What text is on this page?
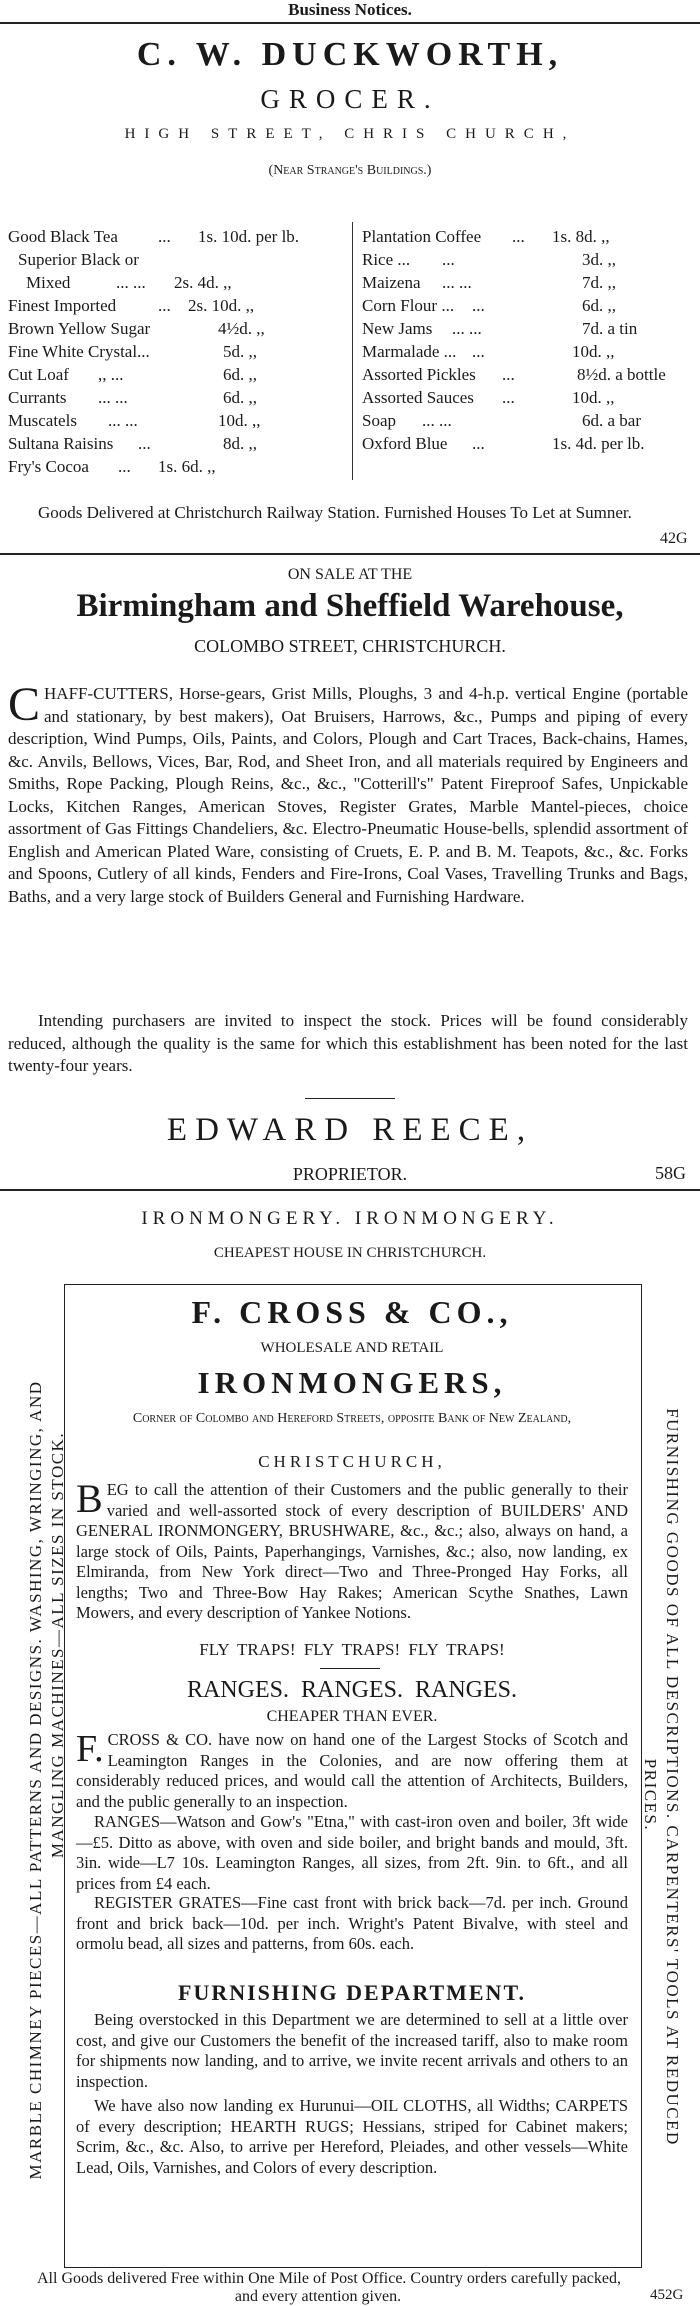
Business Notices.
C. W. DUCKWORTH,
GROCER.
HIGH STREET, CHRIS CHURCH,
(Near Strange's Buildings.)
Good Black Tea ... 1s. 10d. per lb.
Superior Black or
Mixed	... ... 2s. 4d. ,,
Finest Imported ... 2s. 10d. ,,
Brown Yellow Sugar	4½d. ,,
Fine White Crystal...	5d. ,,
Cut Loaf ,, ...	6d. ,,
Currants ... ...	6d. ,,
Muscatels ... ...	10d. ,,
Sultana Raisins ...	8d. ,,
Fry's Cocoa ... 1s. 6d. ,,
Plantation Coffee ... 1s. 8d. ,,
Rice ... ...	3d. ,,
Maizena ... ...	7d. ,,
Corn Flour ... ...	6d. ,,
New Jams ... ...	7d. a tin
Marmalade ... ...	10d. ,,
Assorted Pickles ...	8½d. a bottle
Assorted Sauces ...	10d. ,,
Soap ... ...	6d. a bar
Oxford Blue ...	1s. 4d. per lb.
Goods Delivered at Christchurch Railway Station. Furnished Houses To Let at Sumner.
42G
ON SALE AT THE
Birmingham and Sheffield Warehouse,
COLOMBO STREET, CHRISTCHURCH.
CHAFF-CUTTERS, Horse-gears, Grist Mills, Ploughs, 3 and 4-h.p. vertical Engine (portable and stationary, by best makers), Oat Bruisers, Harrows, &c., Pumps and piping of every description, Wind Pumps, Oils, Paints, and Colors, Plough and Cart Traces, Back-chains, Hames, &c. Anvils, Bellows, Vices, Bar, Rod, and Sheet Iron, and all materials required by Engineers and Smiths, Rope Packing, Plough Reins, &c., &c., "Cotterill's" Patent Fireproof Safes, Unpickable Locks, Kitchen Ranges, American Stoves, Register Grates, Marble Mantel-pieces, choice assortment of Gas Fittings Chandeliers, &c. Electro-Pneumatic House-bells, splendid assortment of English and American Plated Ware, consisting of Cruets, E. P. and B. M. Teapots, &c., &c. Forks and Spoons, Cutlery of all kinds, Fenders and Fire-Irons, Coal Vases, Travelling Trunks and Bags, Baths, and a very large stock of Builders General and Furnishing Hardware.
Intending purchasers are invited to inspect the stock. Prices will be found considerably reduced, although the quality is the same for which this establishment has been noted for the last twenty-four years.
EDWARD REECE,
PROPRIETOR.	58G
IRONMONGERY. IRONMONGERY.
CHEAPEST HOUSE IN CHRISTCHURCH.
MARBLE CHIMNEY PIECES—ALL PATTERNS AND DESIGNS. WASHING, WRINGING, AND MANGLING MACHINES—ALL SIZES IN STOCK.	FURNISHING GOODS OF ALL DESCRIPTIONS. CARPENTERS' TOOLS AT REDUCED
PRICES.
F. CROSS & CO.,
WHOLESALE AND RETAIL
IRONMONGERS,
Corner of Colombo and Hereford Streets, opposite Bank of New Zealand,
CHRISTCHURCH,
BEG to call the attention of their Customers and the public generally to their varied and well-assorted stock of every description of BUILDERS' AND GENERAL IRONMONGERY, BRUSHWARE, &c., &c.; also, always on hand, a large stock of Oils, Paints, Paperhangings, Varnishes, &c.; also, now landing, ex Elmiranda, from New York direct—Two and Three-Pronged Hay Forks, all lengths; Two and Three-Bow Hay Rakes; American Scythe Snathes, Lawn Mowers, and every description of Yankee Notions.
FLY TRAPS! FLY TRAPS! FLY TRAPS!
RANGES. RANGES. RANGES.
CHEAPER THAN EVER.
F. CROSS & CO. have now on hand one of the Largest Stocks of Scotch and Leamington Ranges in the Colonies, and are now offering them at considerably reduced prices, and would call the attention of Architects, Builders, and the public generally to an inspection.
RANGES—Watson and Gow's "Etna," with cast-iron oven and boiler, 3ft wide—£5. Ditto as above, with oven and side boiler, and bright bands and mould, 3ft. 3in. wide—L7 10s. Leamington Ranges, all sizes, from 2ft. 9in. to 6ft., and all prices from £4 each.
REGISTER GRATES—Fine cast front with brick back—7d. per inch. Ground front and brick back—10d. per inch. Wright's Patent Bivalve, with steel and ormolu bead, all sizes and patterns, from 60s. each.
FURNISHING DEPARTMENT.
Being overstocked in this Department we are determined to sell at a little over cost, and give our Customers the benefit of the increased tariff, also to make room for shipments now landing, and to arrive, we invite recent arrivals and others to an inspection.
We have also now landing ex Hurunui—OIL CLOTHS, all Widths; CARPETS of every description; HEARTH RUGS; Hessians, striped for Cabinet makers; Scrim, &c., &c. Also, to arrive per Hereford, Pleiades, and other vessels—White Lead, Oils, Varnishes, and Colors of every description.
All Goods delivered Free within One Mile of Post Office. Country orders carefully packed, and every attention given.	452G
